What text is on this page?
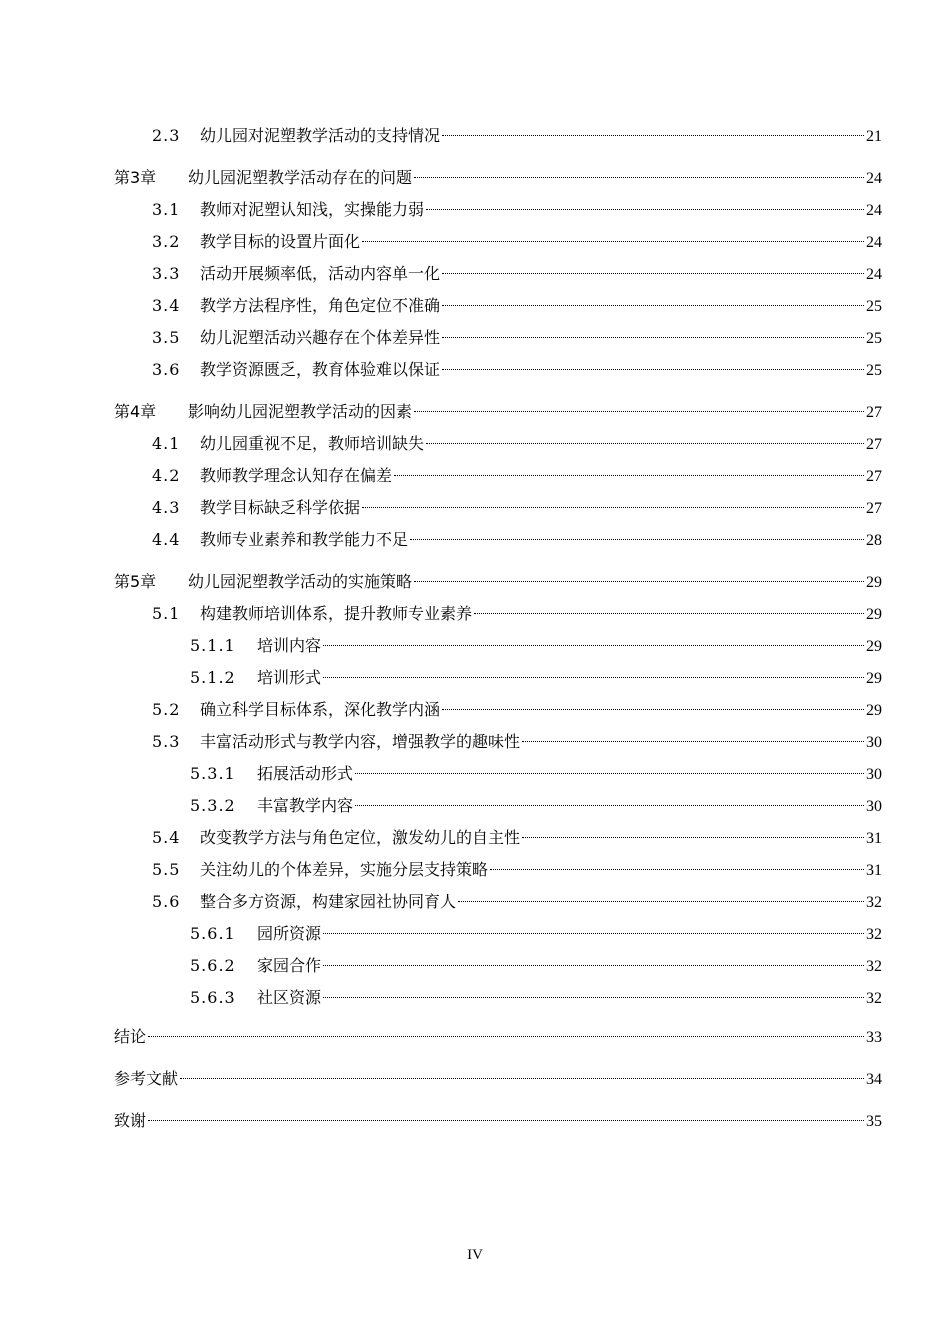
2.3	幼儿园对泥塑教学活动的支持情况	21
第3章	幼儿园泥塑教学活动存在的问题	24
3.1	教师对泥塑认知浅，实操能力弱	24
3.2	教学目标的设置片面化	24
3.3	活动开展频率低，活动内容单一化	24
3.4	教学方法程序性，角色定位不准确	25
3.5	幼儿泥塑活动兴趣存在个体差异性	25
3.6	教学资源匮乏，教育体验难以保证	25
第4章	影响幼儿园泥塑教学活动的因素	27
4.1	幼儿园重视不足，教师培训缺失	27
4.2	教师教学理念认知存在偏差	27
4.3	教学目标缺乏科学依据	27
4.4	教师专业素养和教学能力不足	28
第5章	幼儿园泥塑教学活动的实施策略	29
5.1	构建教师培训体系，提升教师专业素养	29
5.1.1	培训内容	29
5.1.2	培训形式	29
5.2	确立科学目标体系，深化教学内涵	29
5.3	丰富活动形式与教学内容，增强教学的趣味性	30
5.3.1	拓展活动形式	30
5.3.2	丰富教学内容	30
5.4	改变教学方法与角色定位，激发幼儿的自主性	31
5.5	关注幼儿的个体差异，实施分层支持策略	31
5.6	整合多方资源，构建家园社协同育人	32
5.6.1	园所资源	32
5.6.2	家园合作	32
5.6.3	社区资源	32
结论	33
参考文献	34
致谢	35
IV
